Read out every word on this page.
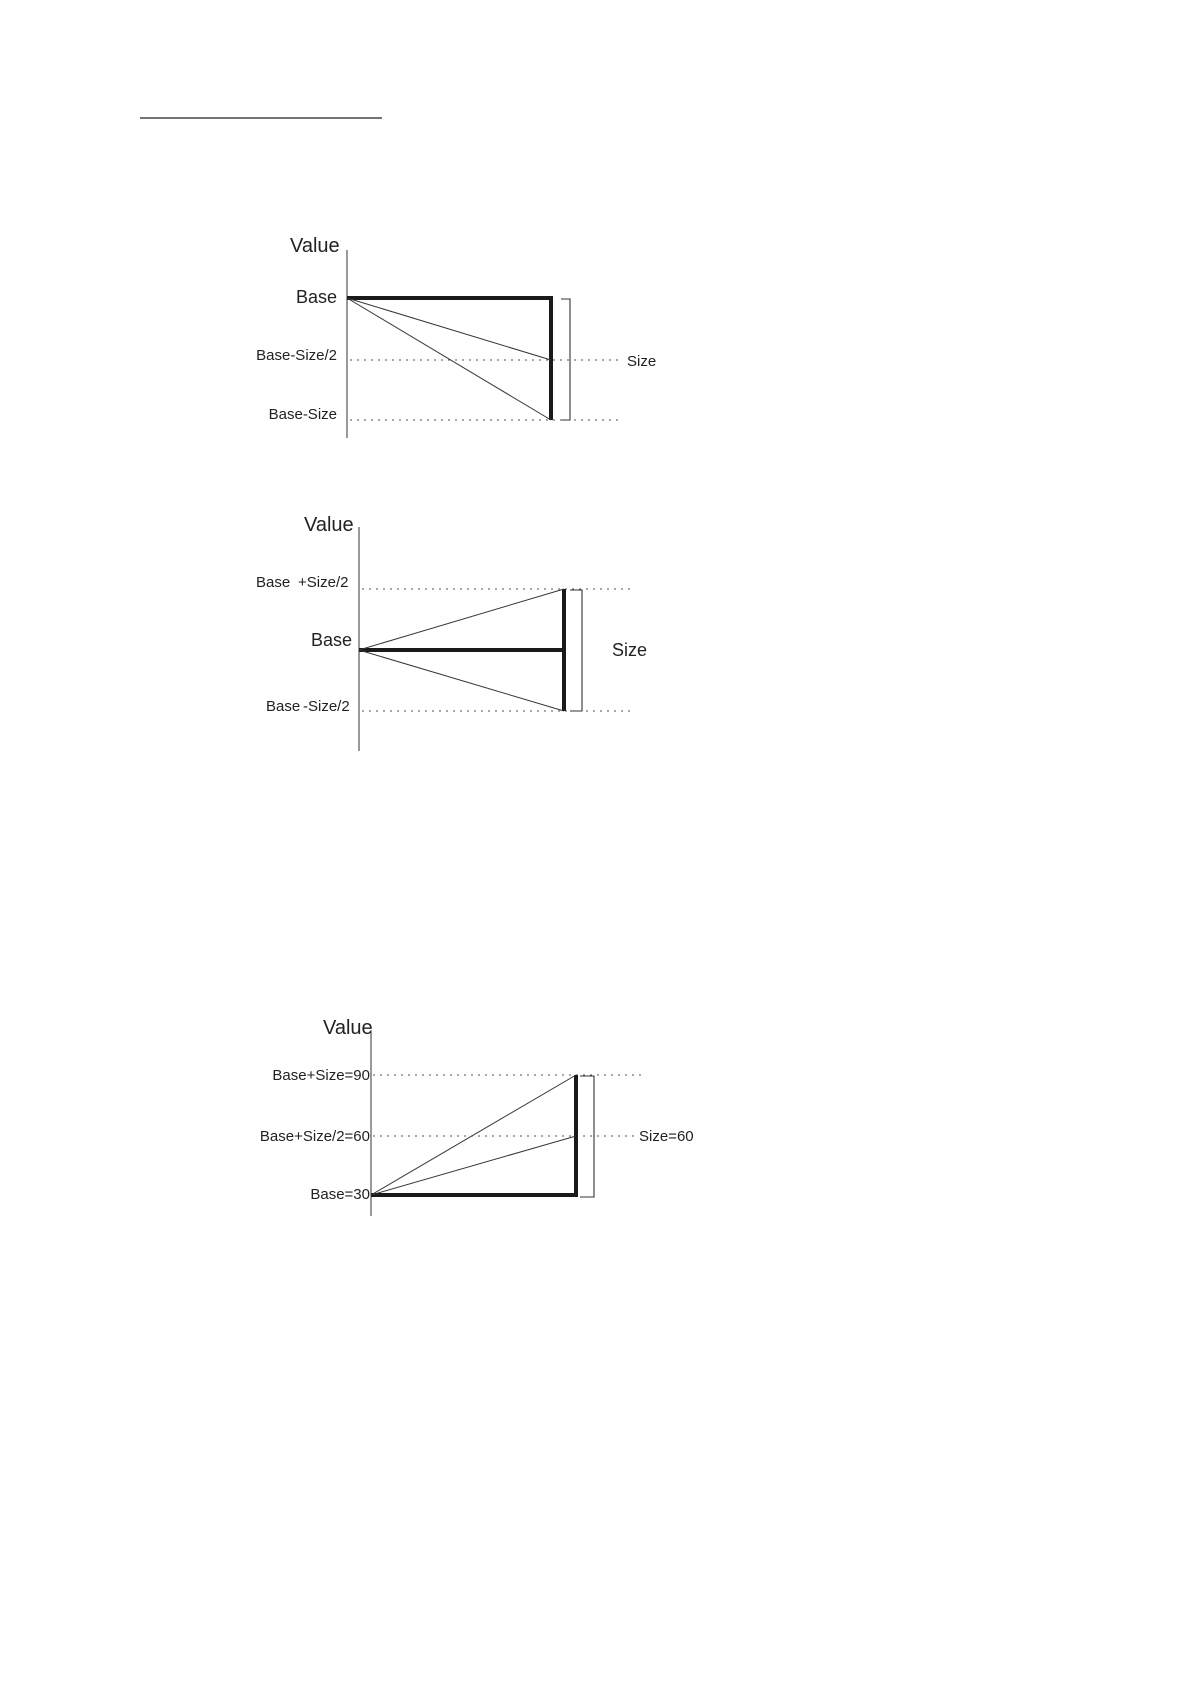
Value
Base
Base-Size/2
Base-Size
Size
Value
Base +Size/2
Base
Base -Size/2
Size
Value
Base+Size=90
Base+Size/2=60
Base=30
Size=60
